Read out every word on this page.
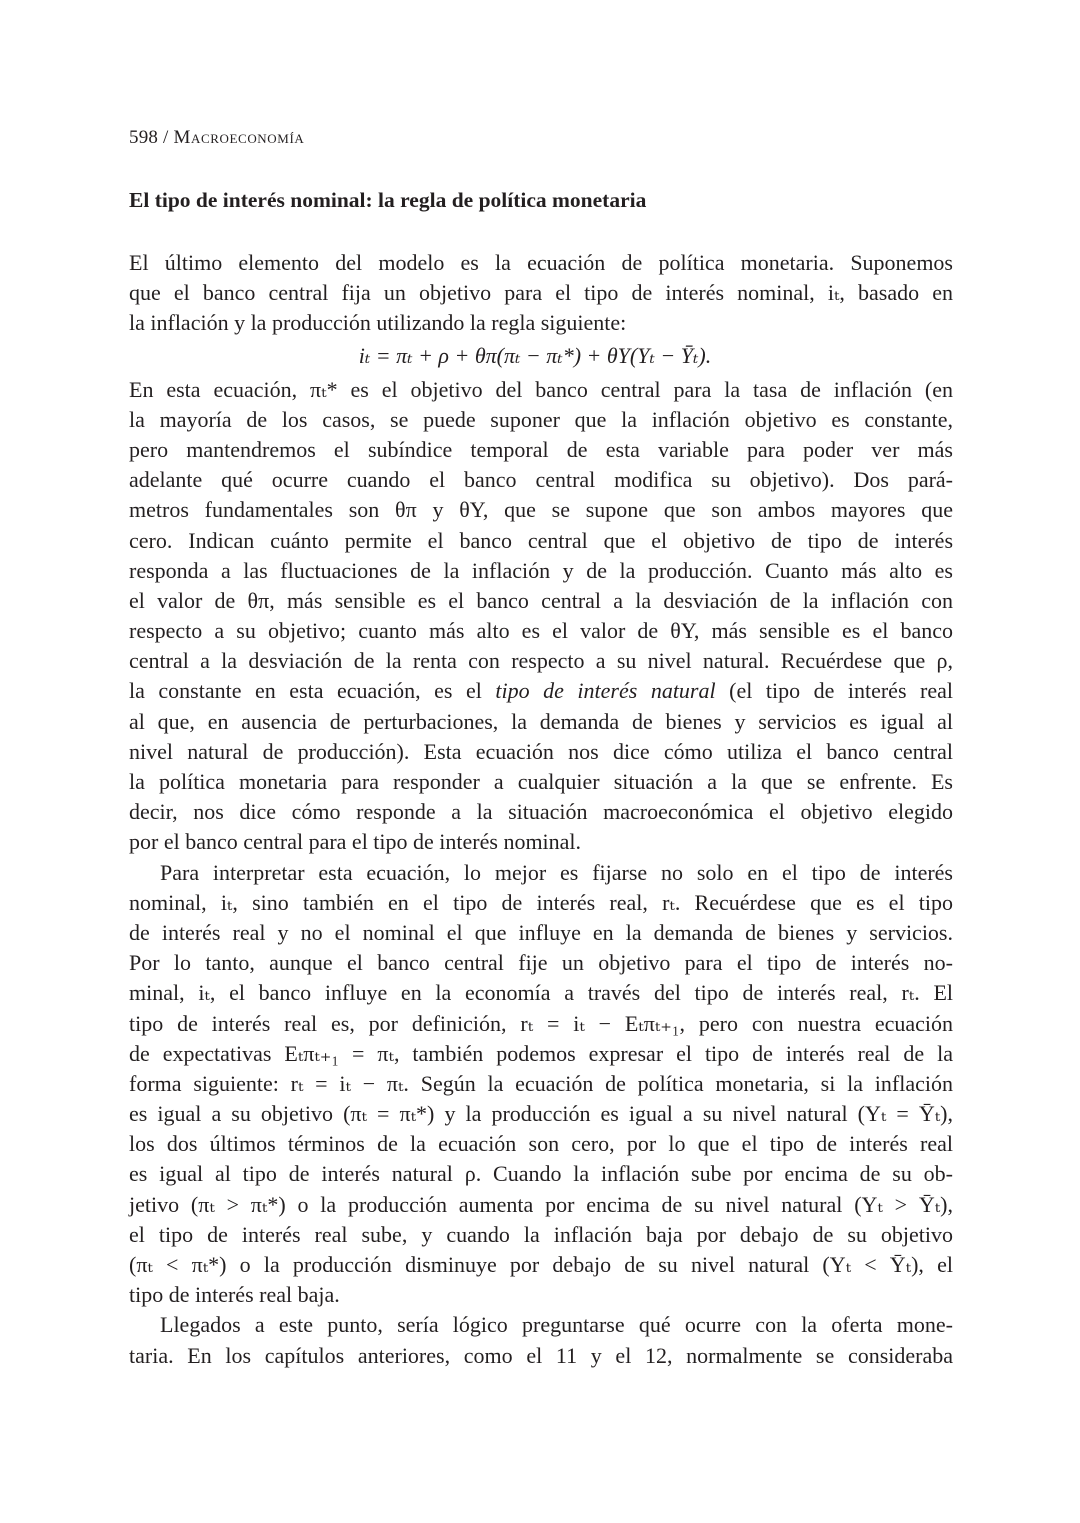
598 / Macroeconomía
El tipo de interés nominal: la regla de política monetaria
El último elemento del modelo es la ecuación de política monetaria. Suponemos
que el banco central fija un objetivo para el tipo de interés nominal, iₜ, basado en
la inflación y la producción utilizando la regla siguiente:
iₜ = πₜ + ρ + θπ(πₜ − πₜ*) + θY(Yₜ − Ȳₜ).
En esta ecuación, πₜ* es el objetivo del banco central para la tasa de inflación (en
la mayoría de los casos, se puede suponer que la inflación objetivo es constante,
pero mantendremos el subíndice temporal de esta variable para poder ver más
adelante qué ocurre cuando el banco central modifica su objetivo). Dos pará-
metros fundamentales son θπ y θY, que se supone que son ambos mayores que
cero. Indican cuánto permite el banco central que el objetivo de tipo de interés
responda a las fluctuaciones de la inflación y de la producción. Cuanto más alto es
el valor de θπ, más sensible es el banco central a la desviación de la inflación con
respecto a su objetivo; cuanto más alto es el valor de θY, más sensible es el banco
central a la desviación de la renta con respecto a su nivel natural. Recuérdese que ρ,
la constante en esta ecuación, es el tipo de interés natural (el tipo de interés real
al que, en ausencia de perturbaciones, la demanda de bienes y servicios es igual al
nivel natural de producción). Esta ecuación nos dice cómo utiliza el banco central
la política monetaria para responder a cualquier situación a la que se enfrente. Es
decir, nos dice cómo responde a la situación macroeconómica el objetivo elegido
por el banco central para el tipo de interés nominal.
Para interpretar esta ecuación, lo mejor es fijarse no solo en el tipo de interés
nominal, iₜ, sino también en el tipo de interés real, rₜ. Recuérdese que es el tipo
de interés real y no el nominal el que influye en la demanda de bienes y servicios.
Por lo tanto, aunque el banco central fije un objetivo para el tipo de interés no-
minal, iₜ, el banco influye en la economía a través del tipo de interés real, rₜ. El
tipo de interés real es, por definición, rₜ = iₜ − Eₜπₜ₊₁, pero con nuestra ecuación
de expectativas Eₜπₜ₊₁ = πₜ, también podemos expresar el tipo de interés real de la
forma siguiente: rₜ = iₜ − πₜ. Según la ecuación de política monetaria, si la inflación
es igual a su objetivo (πₜ = πₜ*) y la producción es igual a su nivel natural (Yₜ = Ȳₜ),
los dos últimos términos de la ecuación son cero, por lo que el tipo de interés real
es igual al tipo de interés natural ρ. Cuando la inflación sube por encima de su ob-
jetivo (πₜ > πₜ*) o la producción aumenta por encima de su nivel natural (Yₜ > Ȳₜ),
el tipo de interés real sube, y cuando la inflación baja por debajo de su objetivo
(πₜ < πₜ*) o la producción disminuye por debajo de su nivel natural (Yₜ < Ȳₜ), el
tipo de interés real baja.
Llegados a este punto, sería lógico preguntarse qué ocurre con la oferta mone-
taria. En los capítulos anteriores, como el 11 y el 12, normalmente se consideraba
